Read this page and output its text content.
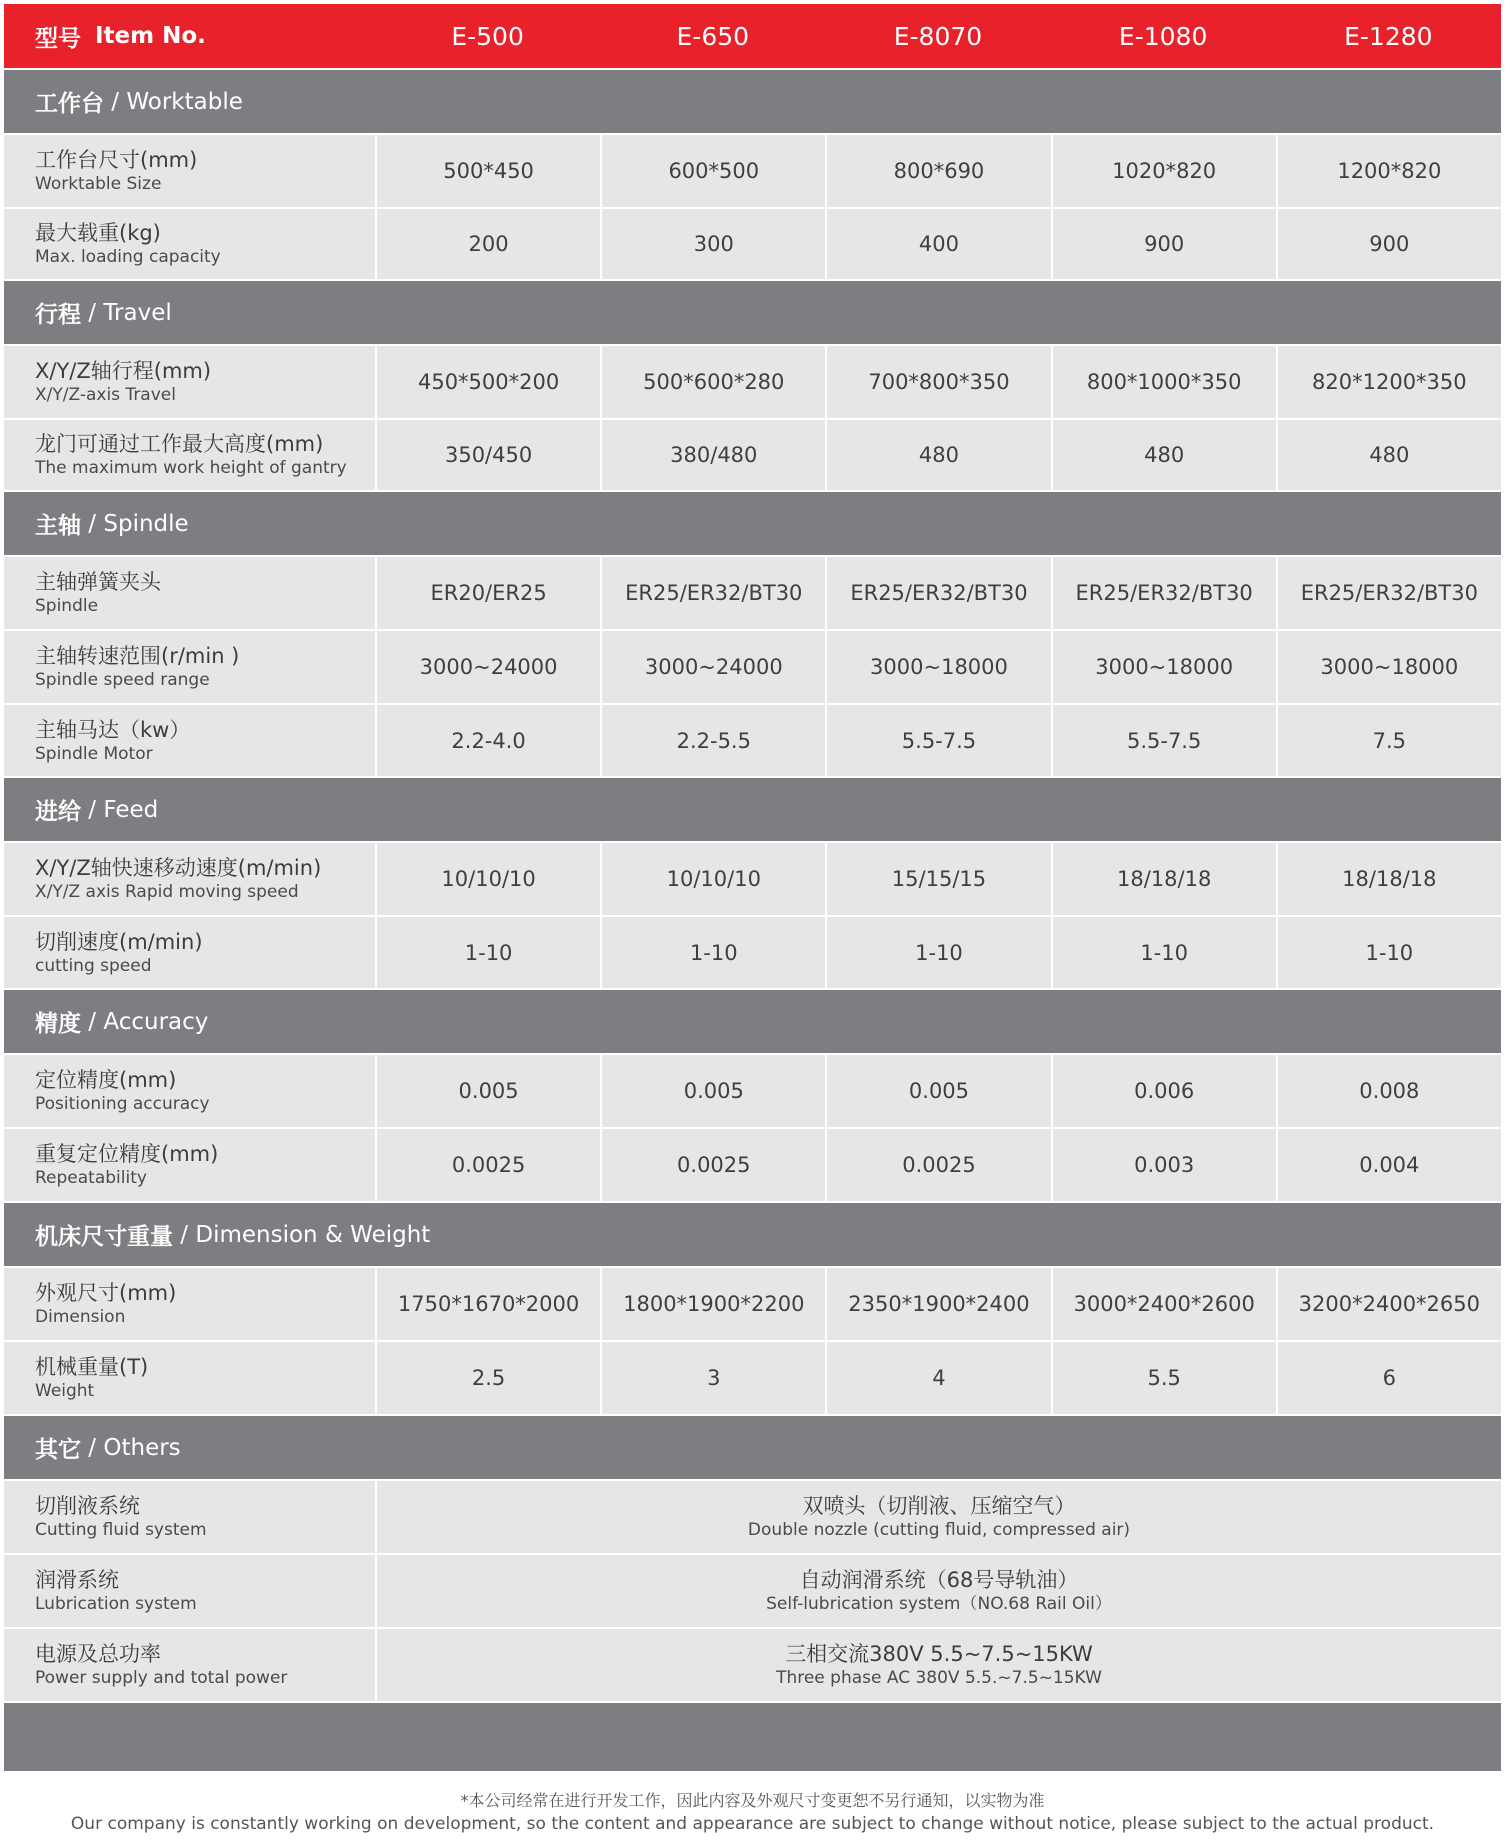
型号 Item No.	E-500	E-650	E-8070	E-1080	E-1280
工作台 / Worktable
工作台尺寸(mm)
Worktable Size
500*450	600*500	800*690	1020*820	1200*820
最大载重(kg)
Max. loading capacity
200	300	400	900	900
行程 / Travel
X/Y/Z轴行程(mm)
X/Y/Z-axis Travel
450*500*200	500*600*280	700*800*350	800*1000*350	820*1200*350
龙门可通过工作最大高度(mm)
The maximum work height of gantry
350/450	380/480	480	480	480
主轴 / Spindle
主轴弹簧夹头
Spindle
ER20/ER25	ER25/ER32/BT30	ER25/ER32/BT30	ER25/ER32/BT30	ER25/ER32/BT30
主轴转速范围(r/min )
Spindle speed range
3000~24000	3000~24000	3000~18000	3000~18000	3000~18000
主轴马达（kw）
Spindle Motor
2.2-4.0	2.2-5.5	5.5-7.5	5.5-7.5	7.5
进给 / Feed
X/Y/Z轴快速移动速度(m/min)
X/Y/Z axis Rapid moving speed
10/10/10	10/10/10	15/15/15	18/18/18	18/18/18
切削速度(m/min)
cutting speed
1-10	1-10	1-10	1-10	1-10
精度 / Accuracy
定位精度(mm)
Positioning accuracy
0.005	0.005	0.005	0.006	0.008
重复定位精度(mm)
Repeatability
0.0025	0.0025	0.0025	0.003	0.004
机床尺寸重量 / Dimension & Weight
外观尺寸(mm)
Dimension
1750*1670*2000	1800*1900*2200	2350*1900*2400	3000*2400*2600	3200*2400*2650
机械重量(T)
Weight
2.5	3	4	5.5	6
其它 / Others
切削液系统
Cutting fluid system
双喷头（切削液、压缩空气）
Double nozzle (cutting fluid, compressed air)
润滑系统
Lubrication system
自动润滑系统（68号导轨油）
Self-lubrication system（NO.68 Rail Oil）
电源及总功率
Power supply and total power
三相交流380V 5.5~7.5~15KW
Three phase AC 380V 5.5.~7.5~15KW
*本公司经常在进行开发工作，因此内容及外观尺寸变更恕不另行通知，以实物为准
Our company is constantly working on development, so the content and appearance are subject to change without notice, please subject to the actual product.
